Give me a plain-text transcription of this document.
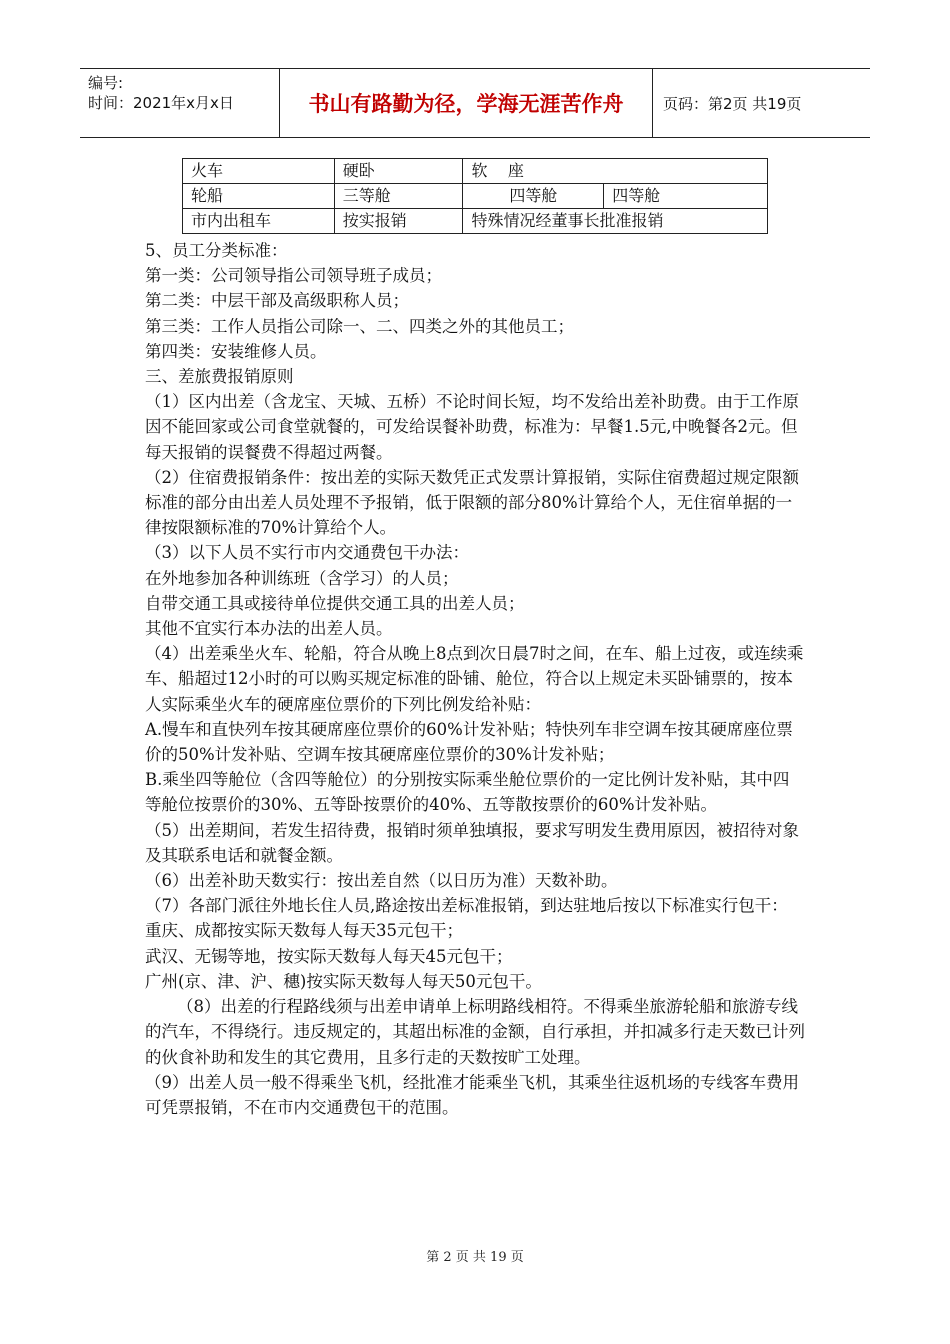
编号:
时间：2021年x月x日	书山有路勤为径，学海无涯苦作舟	页码：第2页 共19页
火车	硬卧	软    座	
轮船	三等舱	四等舱	四等舱
市内出租车	按实报销	特殊情况经董事长批准报销	

5、员工分类标准：

第一类：公司领导指公司领导班子成员；

第二类：中层干部及高级职称人员；

第三类：工作人员指公司除一、二、四类之外的其他员工；

第四类：安装维修人员。

三、差旅费报销原则

（1）区内出差（含龙宝、天城、五桥）不论时间长短，均不发给出差补助费。由于工作原因不能回家或公司食堂就餐的，可发给误餐补助费，标准为：早餐1.5元,中晚餐各2元。但每天报销的误餐费不得超过两餐。

（2）住宿费报销条件：按出差的实际天数凭正式发票计算报销，实际住宿费超过规定限额标准的部分由出差人员处理不予报销，低于限额的部分80%计算给个人，无住宿单据的一律按限额标准的70%计算给个人。

（3）以下人员不实行市内交通费包干办法：

在外地参加各种训练班（含学习）的人员；

自带交通工具或接待单位提供交通工具的出差人员；

其他不宜实行本办法的出差人员。

（4）出差乘坐火车、轮船，符合从晚上8点到次日晨7时之间，在车、船上过夜，或连续乘车、船超过12小时的可以购买规定标准的卧铺、舱位，符合以上规定未买卧铺票的，按本人实际乘坐火车的硬席座位票价的下列比例发给补贴：

A.慢车和直快列车按其硬席座位票价的60%计发补贴；特快列车非空调车按其硬席座位票价的50%计发补贴、空调车按其硬席座位票价的30%计发补贴；

B.乘坐四等舱位（含四等舱位）的分别按实际乘坐舱位票价的一定比例计发补贴，其中四等舱位按票价的30%、五等卧按票价的40%、五等散按票价的60%计发补贴。

（5）出差期间，若发生招待费，报销时须单独填报，要求写明发生费用原因，被招待对象及其联系电话和就餐金额。

（6）出差补助天数实行：按出差自然（以日历为准）天数补助。

（7）各部门派往外地长住人员,路途按出差标准报销，到达驻地后按以下标准实行包干：

重庆、成都按实际天数每人每天35元包干；

武汉、无锡等地，按实际天数每人每天45元包干；

广州(京、津、沪、穗)按实际天数每人每天50元包干。

（8）出差的行程路线须与出差申请单上标明路线相符。不得乘坐旅游轮船和旅游专线的汽车，不得绕行。违反规定的，其超出标准的金额，自行承担，并扣减多行走天数已计列的伙食补助和发生的其它费用，且多行走的天数按旷工处理。

（9）出差人员一般不得乘坐飞机，经批准才能乘坐飞机，其乘坐往返机场的专线客车费用可凭票报销，不在市内交通费包干的范围。

第 2 页 共 19 页
